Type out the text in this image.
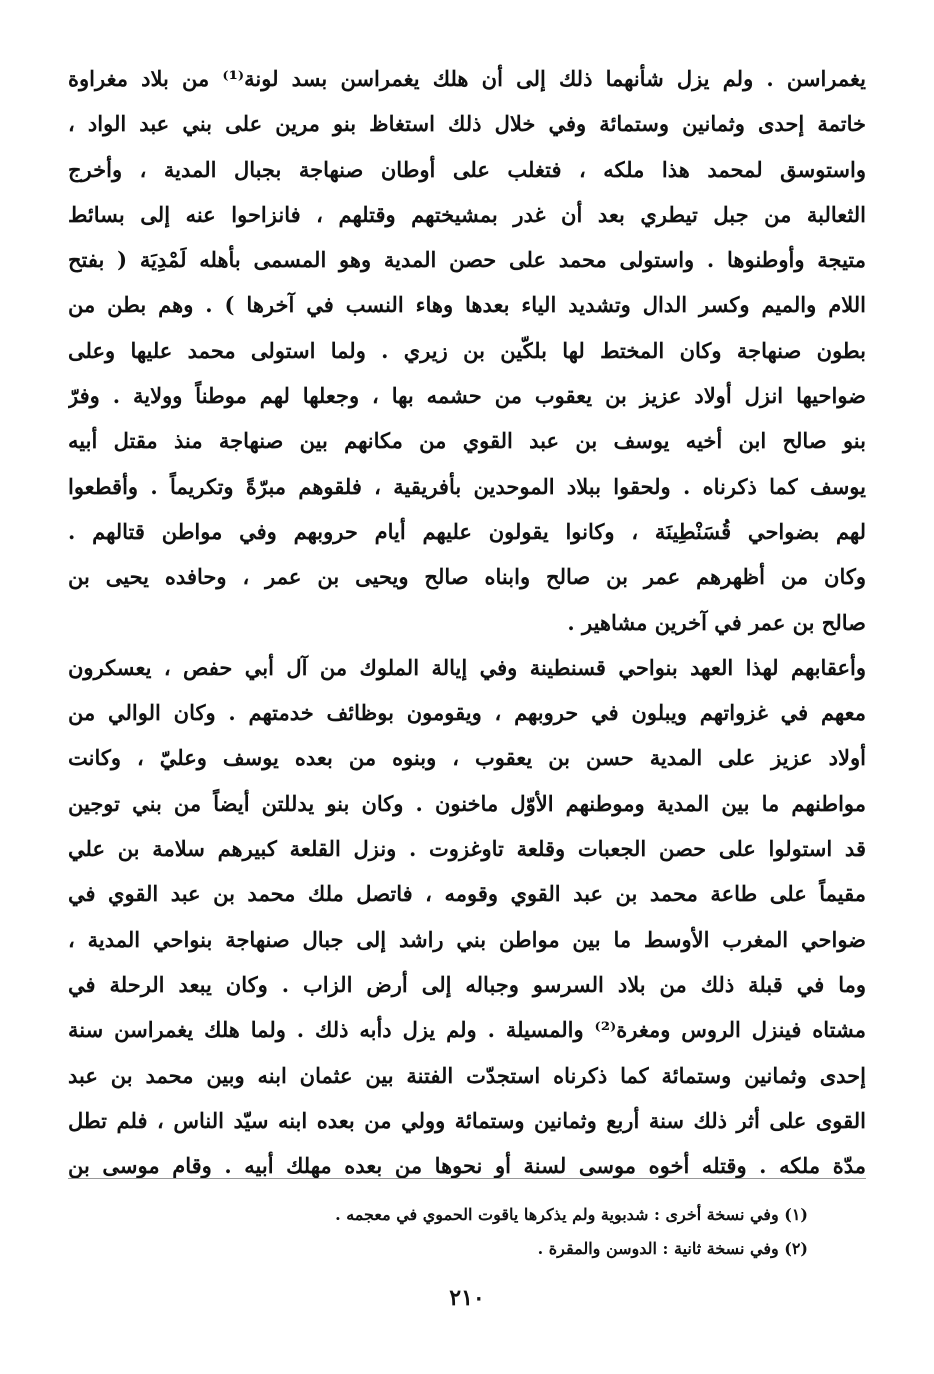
يغمراسن . ولم يزل شأنهما ذلك إلى أن هلك يغمراسن بسد لونة⁽¹⁾ من بلاد مغراوة
خاتمة إحدى وثمانين وستمائة وفي خلال ذلك استغاظ بنو مرين على بني عبد الواد ،
واستوسق لمحمد هذا ملكه ، فتغلب على أوطان صنهاجة بجبال المدية ، وأخرج
الثعالبة من جبل تيطري بعد أن غدر بمشيختهم وقتلهم ، فانزاحوا عنه إلى بسائط
متيجة وأوطنوها . واستولى محمد على حصن المدية وهو المسمى بأهله لَمْدِيَة ( بفتح
اللام والميم وكسر الدال وتشديد الياء بعدها وهاء النسب في آخرها ) . وهم بطن من
بطون صنهاجة وكان المختط لها بلكّين بن زيري . ولما استولى محمد عليها وعلى
ضواحيها انزل أولاد عزيز بن يعقوب من حشمه بها ، وجعلها لهم موطناً وولاية . وفرّ
بنو صالح ابن أخيه يوسف بن عبد القوي من مكانهم بين صنهاجة منذ مقتل أبيه
يوسف كما ذكرناه . ولحقوا ببلاد الموحدين بأفريقية ، فلقوهم مبرّةً وتكريماً . وأقطعوا
لهم بضواحي قُسَنْطِينَة ، وكانوا يقولون عليهم أيام حروبهم وفي مواطن قتالهم .
وكان من أظهرهم عمر بن صالح وابناه صالح ويحيى بن عمر ، وحافده يحيى بن
صالح بن عمر في آخرين مشاهير .
وأعقابهم لهذا العهد بنواحي قسنطينة وفي إيالة الملوك من آل أبي حفص ، يعسكرون
معهم في غزواتهم ويبلون في حروبهم ، ويقومون بوظائف خدمتهم . وكان الوالي من
أولاد عزيز على المدية حسن بن يعقوب ، وبنوه من بعده يوسف وعليّ ، وكانت
مواطنهم ما بين المدية وموطنهم الأوّل ماخنون . وكان بنو يدللتن أيضاً من بني توجين
قد استولوا على حصن الجعبات وقلعة تاوغزوت . ونزل القلعة كبيرهم سلامة بن علي
مقيماً على طاعة محمد بن عبد القوي وقومه ، فاتصل ملك محمد بن عبد القوي في
ضواحي المغرب الأوسط ما بين مواطن بني راشد إلى جبال صنهاجة بنواحي المدية ،
وما في قبلة ذلك من بلاد السرسو وجباله إلى أرض الزاب . وكان يبعد الرحلة في
مشتاه فينزل الروس ومغرة⁽²⁾ والمسيلة . ولم يزل دأبه ذلك . ولما هلك يغمراسن سنة
إحدى وثمانين وستمائة كما ذكرناه استجدّت الفتنة بين عثمان ابنه وبين محمد بن عبد
القوى على أثر ذلك سنة أربع وثمانين وستمائة وولي من بعده ابنه سيّد الناس ، فلم تطل
مدّة ملكه . وقتله أخوه موسى لسنة أو نحوها من بعده مهلك أبيه . وقام موسى بن
(١) وفي نسخة أخرى : شدبوية ولم يذكرها ياقوت الحموي في معجمه .
(٢) وفي نسخة ثانية : الدوسن والمقرة .
٢١٠
